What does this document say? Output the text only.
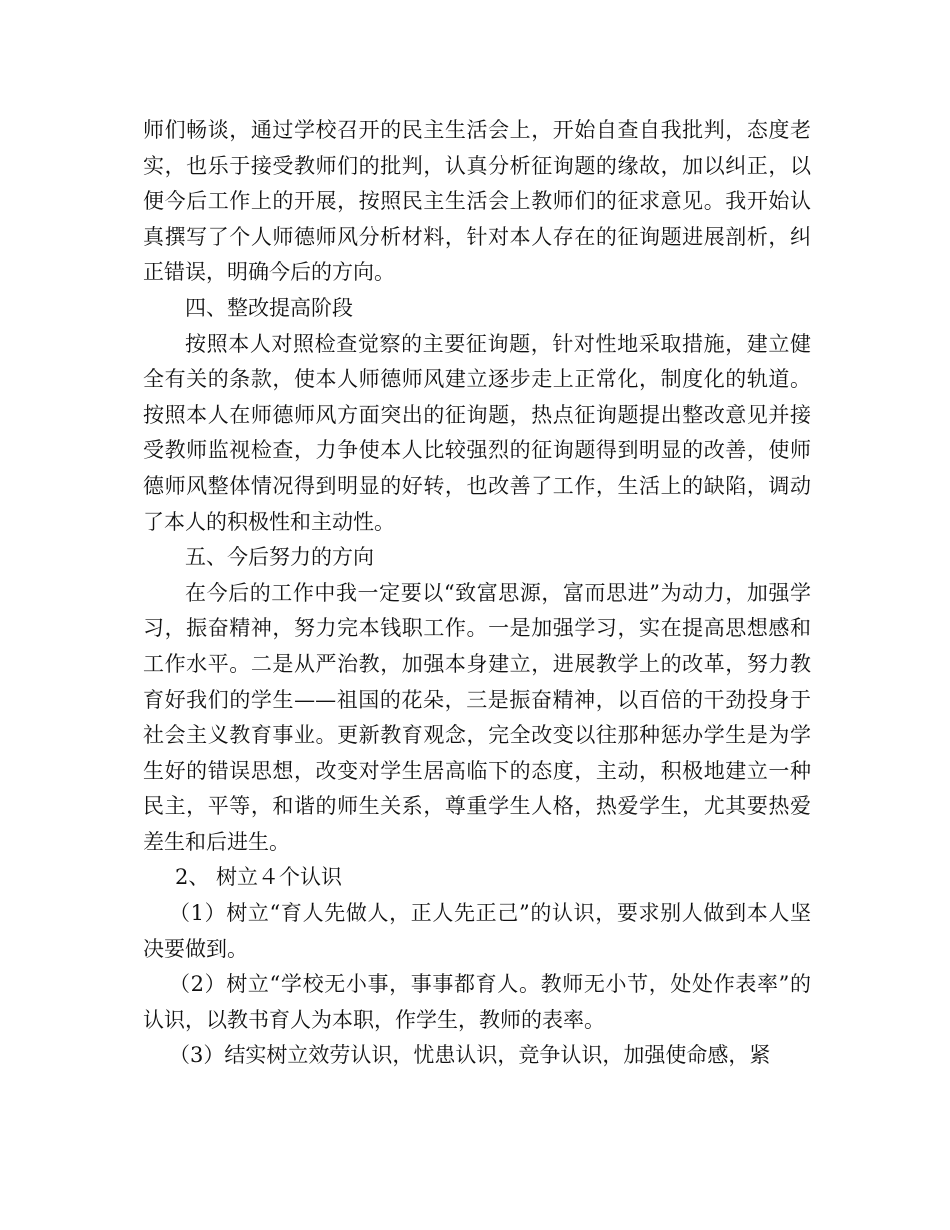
师们畅谈，通过学校召开的民主生活会上，开始自查自我批判，态度老实，也乐于接受教师们的批判，认真分析征询题的缘故，加以纠正，以便今后工作上的开展，按照民主生活会上教师们的征求意见。我开始认真撰写了个人师德师风分析材料，针对本人存在的征询题进展剖析，纠正错误，明确今后的方向。

四、整改提高阶段

按照本人对照检查觉察的主要征询题，针对性地采取措施，建立健全有关的条款，使本人师德师风建立逐步走上正常化，制度化的轨道。按照本人在师德师风方面突出的征询题，热点征询题提出整改意见并接受教师监视检查，力争使本人比较强烈的征询题得到明显的改善，使师德师风整体情况得到明显的好转，也改善了工作，生活上的缺陷，调动了本人的积极性和主动性。

五、今后努力的方向

在今后的工作中我一定要以“致富思源，富而思进”为动力，加强学习，振奋精神，努力完本钱职工作。一是加强学习，实在提高思想感和工作水平。二是从严治教，加强本身建立，进展教学上的改革，努力教育好我们的学生——祖国的花朵，三是振奋精神，以百倍的干劲投身于社会主义教育事业。更新教育观念，完全改变以往那种惩办学生是为学生好的错误思想，改变对学生居高临下的态度，主动，积极地建立一种民主，平等，和谐的师生关系，尊重学生人格，热爱学生，尤其要热爱差生和后进生。

2、 树立４个认识

（1）树立“育人先做人，正人先正己”的认识，要求别人做到本人坚决要做到。

（2）树立“学校无小事，事事都育人。教师无小节，处处作表率”的认识，以教书育人为本职，作学生，教师的表率。

（3）结实树立效劳认识，忧患认识，竞争认识，加强使命感，紧
